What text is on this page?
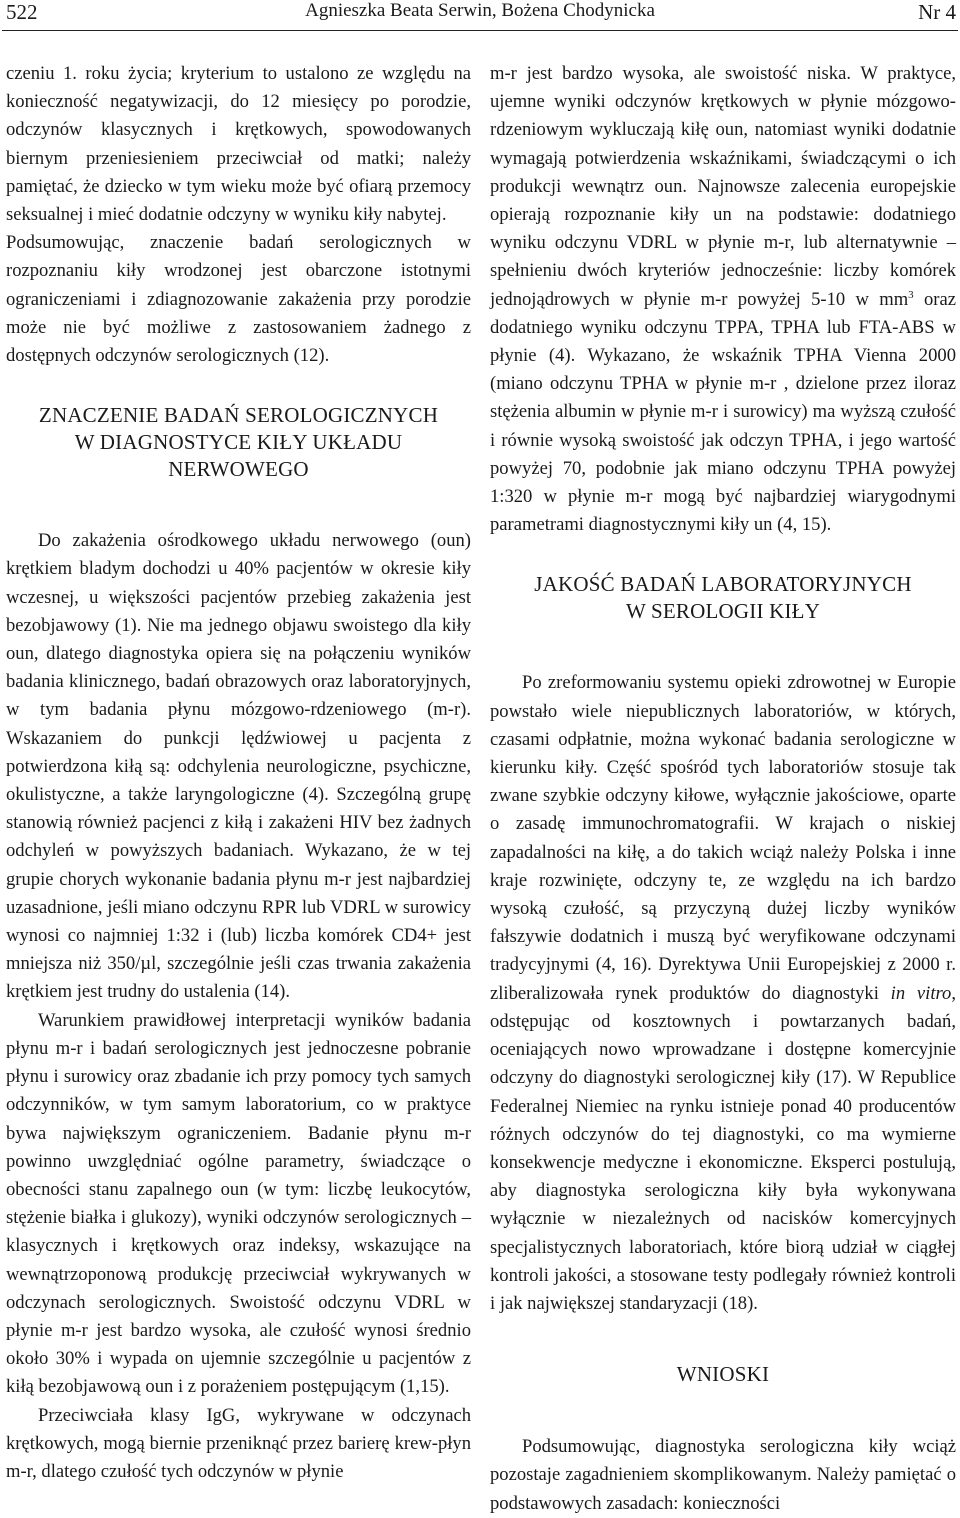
522	Agnieszka Beata Serwin, Bożena Chodynicka	Nr 4

czeniu 1. roku życia; kryterium to ustalono ze względu na konieczność negatywizacji, do 12 miesięcy po porodzie, odczynów klasycznych i krętkowych, spowodowanych biernym przeniesieniem przeciwciał od matki; należy pamiętać, że dziecko w tym wieku może być ofiarą przemocy seksualnej i mieć dodatnie odczyny w wyniku kiły nabytej.

Podsumowując, znaczenie badań serologicznych w rozpoznaniu kiły wrodzonej jest obarczone istotnymi ograniczeniami i zdiagnozowanie zakażenia przy porodzie może nie być możliwe z zastosowaniem żadnego z dostępnych odczynów serologicznych (12).

ZNACZENIE BADAŃ SEROLOGICZNYCH
W DIAGNOSTYCE KIŁY UKŁADU
NERWOWEGO

Do zakażenia ośrodkowego układu nerwowego (oun) krętkiem bladym dochodzi u 40% pacjentów w okresie kiły wczesnej, u większości pacjentów przebieg zakażenia jest bezobjawowy (1). Nie ma jednego objawu swoistego dla kiły oun, dlatego diagnostyka opiera się na połączeniu wyników badania klinicznego, badań obrazowych oraz laboratoryjnych, w tym badania płynu mózgowo-rdzeniowego (m-r). Wskazaniem do punkcji lędźwiowej u pacjenta z potwierdzona kiłą są: odchylenia neurologiczne, psychiczne, okulistyczne, a także laryngologiczne (4). Szczególną grupę stanowią również pacjenci z kiłą i zakażeni HIV bez żadnych odchyleń w powyższych badaniach. Wykazano, że w tej grupie chorych wykonanie badania płynu m-r jest najbardziej uzasadnione, jeśli miano odczynu RPR lub VDRL w surowicy wynosi co najmniej 1:32 i (lub) liczba komórek CD4+ jest mniejsza niż 350/µl, szczególnie jeśli czas trwania zakażenia krętkiem jest trudny do ustalenia (14).

Warunkiem prawidłowej interpretacji wyników badania płynu m-r i badań serologicznych jest jednoczesne pobranie płynu i surowicy oraz zbadanie ich przy pomocy tych samych odczynników, w tym samym laboratorium, co w praktyce bywa największym ograniczeniem. Badanie płynu m-r powinno uwzględniać ogólne parametry, świadczące o obecności stanu zapalnego oun (w tym: liczbę leukocytów, stężenie białka i glukozy), wyniki odczynów serologicznych – klasycznych i krętkowych oraz indeksy, wskazujące na wewnątrzoponową produkcję przeciwciał wykrywanych w odczynach serologicznych. Swoistość odczynu VDRL w płynie m-r jest bardzo wysoka, ale czułość wynosi średnio około 30% i wypada on ujemnie szczególnie u pacjentów z kiłą bezobjawową oun i z porażeniem postępującym (1,15).

Przeciwciała klasy IgG, wykrywane w odczynach krętkowych, mogą biernie przeniknąć przez barierę krew-płyn m-r, dlatego czułość tych odczynów w płynie

m-r jest bardzo wysoka, ale swoistość niska. W praktyce, ujemne wyniki odczynów krętkowych w płynie mózgowo-rdzeniowym wykluczają kiłę oun, natomiast wyniki dodatnie wymagają potwierdzenia wskaźnikami, świadczącymi o ich produkcji wewnątrz oun. Najnowsze zalecenia europejskie opierają rozpoznanie kiły un na podstawie: dodatniego wyniku odczynu VDRL w płynie m-r, lub alternatywnie – spełnieniu dwóch kryteriów jednocześnie: liczby komórek jednojądrowych w płynie m-r powyżej 5-10 w $mm^3$ oraz dodatniego wyniku odczynu TPPA, TPHA lub FTA-ABS w płynie (4). Wykazano, że wskaźnik TPHA Vienna 2000 (miano odczynu TPHA w płynie m-r , dzielone przez iloraz stężenia albumin w płynie m-r i surowicy) ma wyższą czułość i równie wysoką swoistość jak odczyn TPHA, i jego wartość powyżej 70, podobnie jak miano odczynu TPHA powyżej 1:320 w płynie m-r mogą być najbardziej wiarygodnymi parametrami diagnostycznymi kiły un (4, 15).

JAKOŚĆ BADAŃ LABORATORYJNYCH
W SEROLOGII KIŁY

Po zreformowaniu systemu opieki zdrowotnej w Europie powstało wiele niepublicznych laboratoriów, w których, czasami odpłatnie, można wykonać badania serologiczne w kierunku kiły. Część spośród tych laboratoriów stosuje tak zwane szybkie odczyny kiłowe, wyłącznie jakościowe, oparte o zasadę immunochromatografii. W krajach o niskiej zapadalności na kiłę, a do takich wciąż należy Polska i inne kraje rozwinięte, odczyny te, ze względu na ich bardzo wysoką czułość, są przyczyną dużej liczby wyników fałszywie dodatnich i muszą być weryfikowane odczynami tradycyjnymi (4, 16). Dyrektywa Unii Europejskiej z 2000 r. zliberalizowała rynek produktów do diagnostyki in vitro, odstępując od kosztownych i powtarzanych badań, oceniających nowo wprowadzane i dostępne komercyjnie odczyny do diagnostyki serologicznej kiły (17). W Republice Federalnej Niemiec na rynku istnieje ponad 40 producentów różnych odczynów do tej diagnostyki, co ma wymierne konsekwencje medyczne i ekonomiczne. Eksperci postulują, aby diagnostyka serologiczna kiły była wykonywana wyłącznie w niezależnych od nacisków komercyjnych specjalistycznych laboratoriach, które biorą udział w ciągłej kontroli jakości, a stosowane testy podlegały również kontroli i jak największej standaryzacji (18).

WNIOSKI

Podsumowując, diagnostyka serologiczna kiły wciąż pozostaje zagadnieniem skomplikowanym. Należy pamiętać o podstawowych zasadach: konieczności
